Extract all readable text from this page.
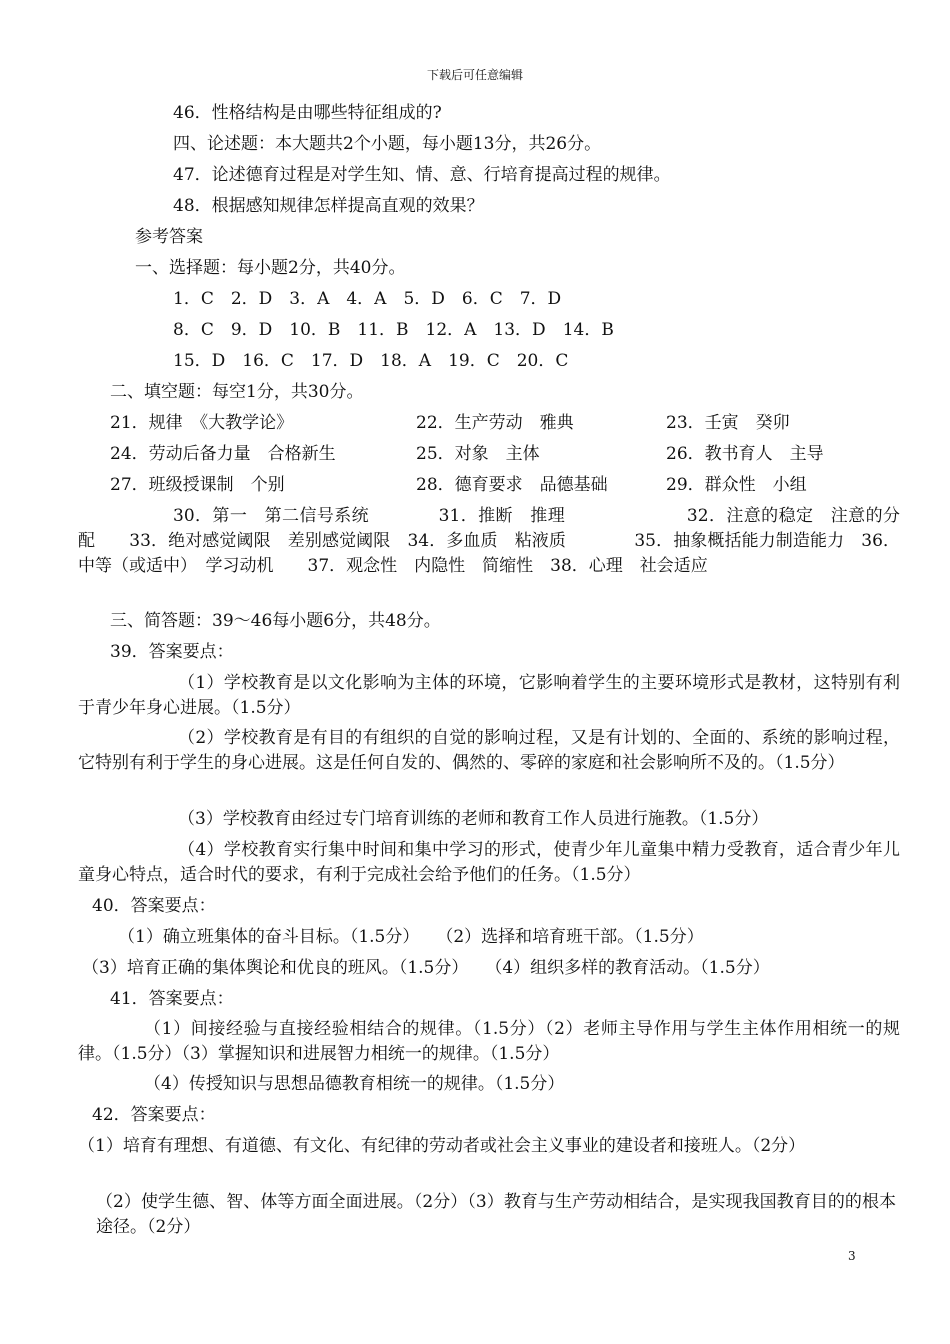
下载后可任意编辑
46．性格结构是由哪些特征组成的?
四、论述题：本大题共2个小题，每小题13分，共26分。
47．论述德育过程是对学生知、情、意、行培育提高过程的规律。
48．根据感知规律怎样提高直观的效果？
参考答案
一、选择题：每小题2分，共40分。
1．C　2．D　3．A　4．A　5．D　6．C　7．D
8．C　9．D　10．B　11．B　12．A　13．D　14．B
15．D　16．C　17．D　18．A　19．C　20．C
二、填空题：每空1分，共30分。
21．规律　《大教学论》	22．生产劳动　雅典	23．壬寅　癸卯
24．劳动后备力量　合格新生	25．对象　主体	26．教书育人　主导
27．班级授课制　个别	28．德育要求　品德基础	29．群众性　小组
30．第一　第二信号系统　　　　31．推断　推理　　　　　　　32．注意的稳定　注意的分配　　33．绝对感觉阈限　差别感觉阈限　34．多血质　粘液质　　　　35．抽象概括能力制造能力　36．中等（或适中）　学习动机　　37．观念性　内隐性　简缩性　38．心理　社会适应
三、简答题：39～46每小题6分，共48分。
39．答案要点：
（1）学校教育是以文化影响为主体的环境，它影响着学生的主要环境形式是教材，这特别有利于青少年身心进展。（1.5分）
（2）学校教育是有目的有组织的自觉的影响过程，又是有计划的、全面的、系统的影响过程，它特别有利于学生的身心进展。这是任何自发的、偶然的、零碎的家庭和社会影响所不及的。（1.5分）
（3）学校教育由经过专门培育训练的老师和教育工作人员进行施教。（1.5分）
（4）学校教育实行集中时间和集中学习的形式，使青少年儿童集中精力受教育，适合青少年儿童身心特点，适合时代的要求，有利于完成社会给予他们的任务。（1.5分）
40．答案要点：
（1）确立班集体的奋斗目标。（1.5分）　　（2）选择和培育班干部。（1.5分）
（3）培育正确的集体舆论和优良的班风。（1.5分）　　（4）组织多样的教育活动。（1.5分）
41．答案要点：
（1）间接经验与直接经验相结合的规律。（1.5分）（2）老师主导作用与学生主体作用相统一的规律。（1.5分）（3）掌握知识和进展智力相统一的规律。（1.5分）
（4）传授知识与思想品德教育相统一的规律。（1.5分）
42．答案要点：
（1）培育有理想、有道德、有文化、有纪律的劳动者或社会主义事业的建设者和接班人。（2分）
（2）使学生德、智、体等方面全面进展。（2分）（3）教育与生产劳动相结合，是实现我国教育目的的根本途径。（2分）
3
